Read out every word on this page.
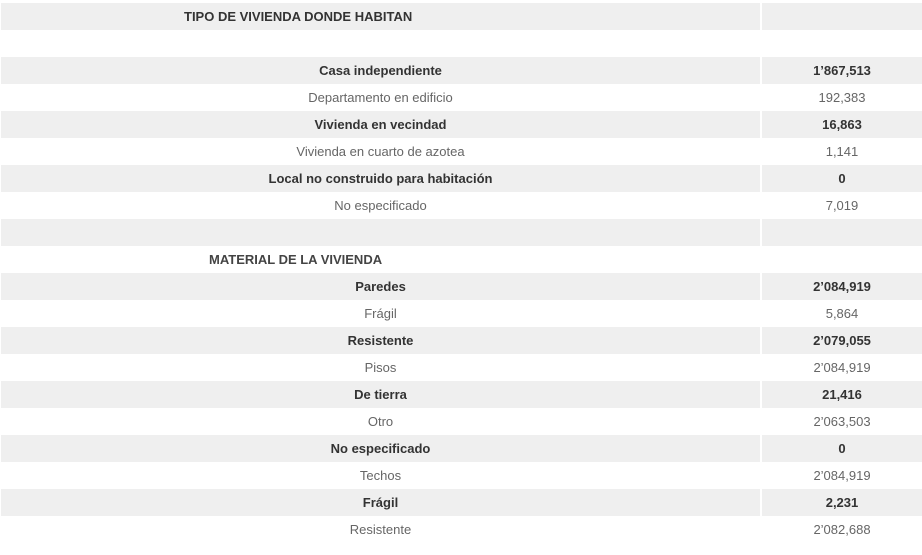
TIPO DE VIVIENDA DONDE HABITAN	

Casa independiente	1’867,513
Departamento en edificio	192,383
Vivienda en vecindad	16,863
Vivienda en cuarto de azotea	1,141
Local no construido para habitación	0
No especificado	7,019

MATERIAL DE LA VIVIENDA	
Paredes	2’084,919
Frágil	5,864
Resistente	2’079,055
Pisos	2’084,919
De tierra	21,416
Otro	2’063,503
No especificado	0
Techos	2’084,919
Frágil	2,231
Resistente	2’082,688
